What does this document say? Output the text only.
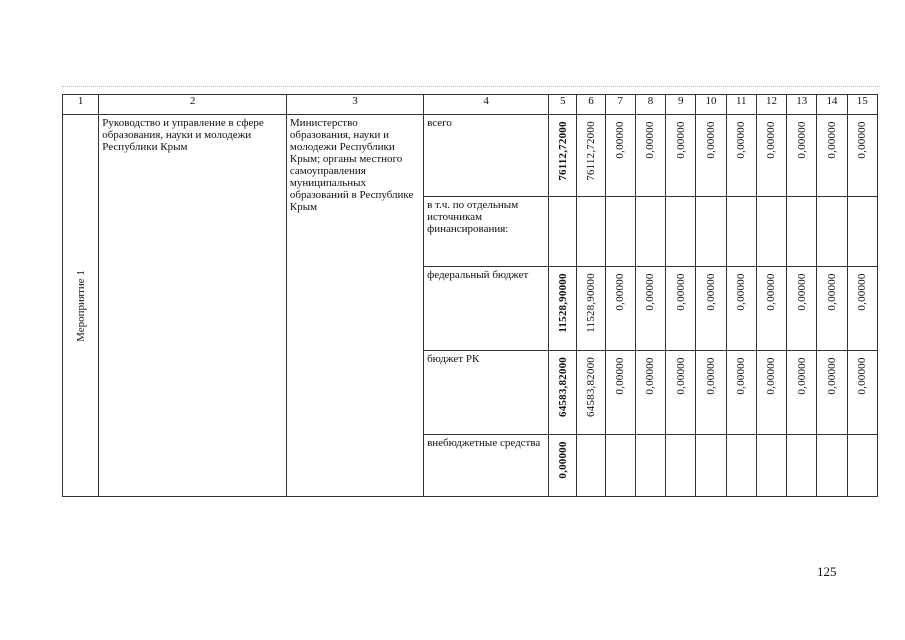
1	2	3	4	5	6	7	8	9	10	11	12	13	14	15

Мероприятие 1	Руководство и управление в сфере образования, науки и молодежи Республики Крым	Министерство образования, науки и молодежи Республики Крым; органы местного самоуправления муниципальных образований в Республике Крым	всего	76112,72000	76112,72000	0,00000	0,00000	0,00000	0,00000	0,00000	0,00000	0,00000	0,00000	0,00000

			в т.ч. по отдельным источникам финансирования:											

			федеральный бюджет	11528,90000	11528,90000	0,00000	0,00000	0,00000	0,00000	0,00000	0,00000	0,00000	0,00000	0,00000

			бюджет РК	64583,82000	64583,82000	0,00000	0,00000	0,00000	0,00000	0,00000	0,00000	0,00000	0,00000	0,00000

			внебюджетные средства	0,00000										

125
